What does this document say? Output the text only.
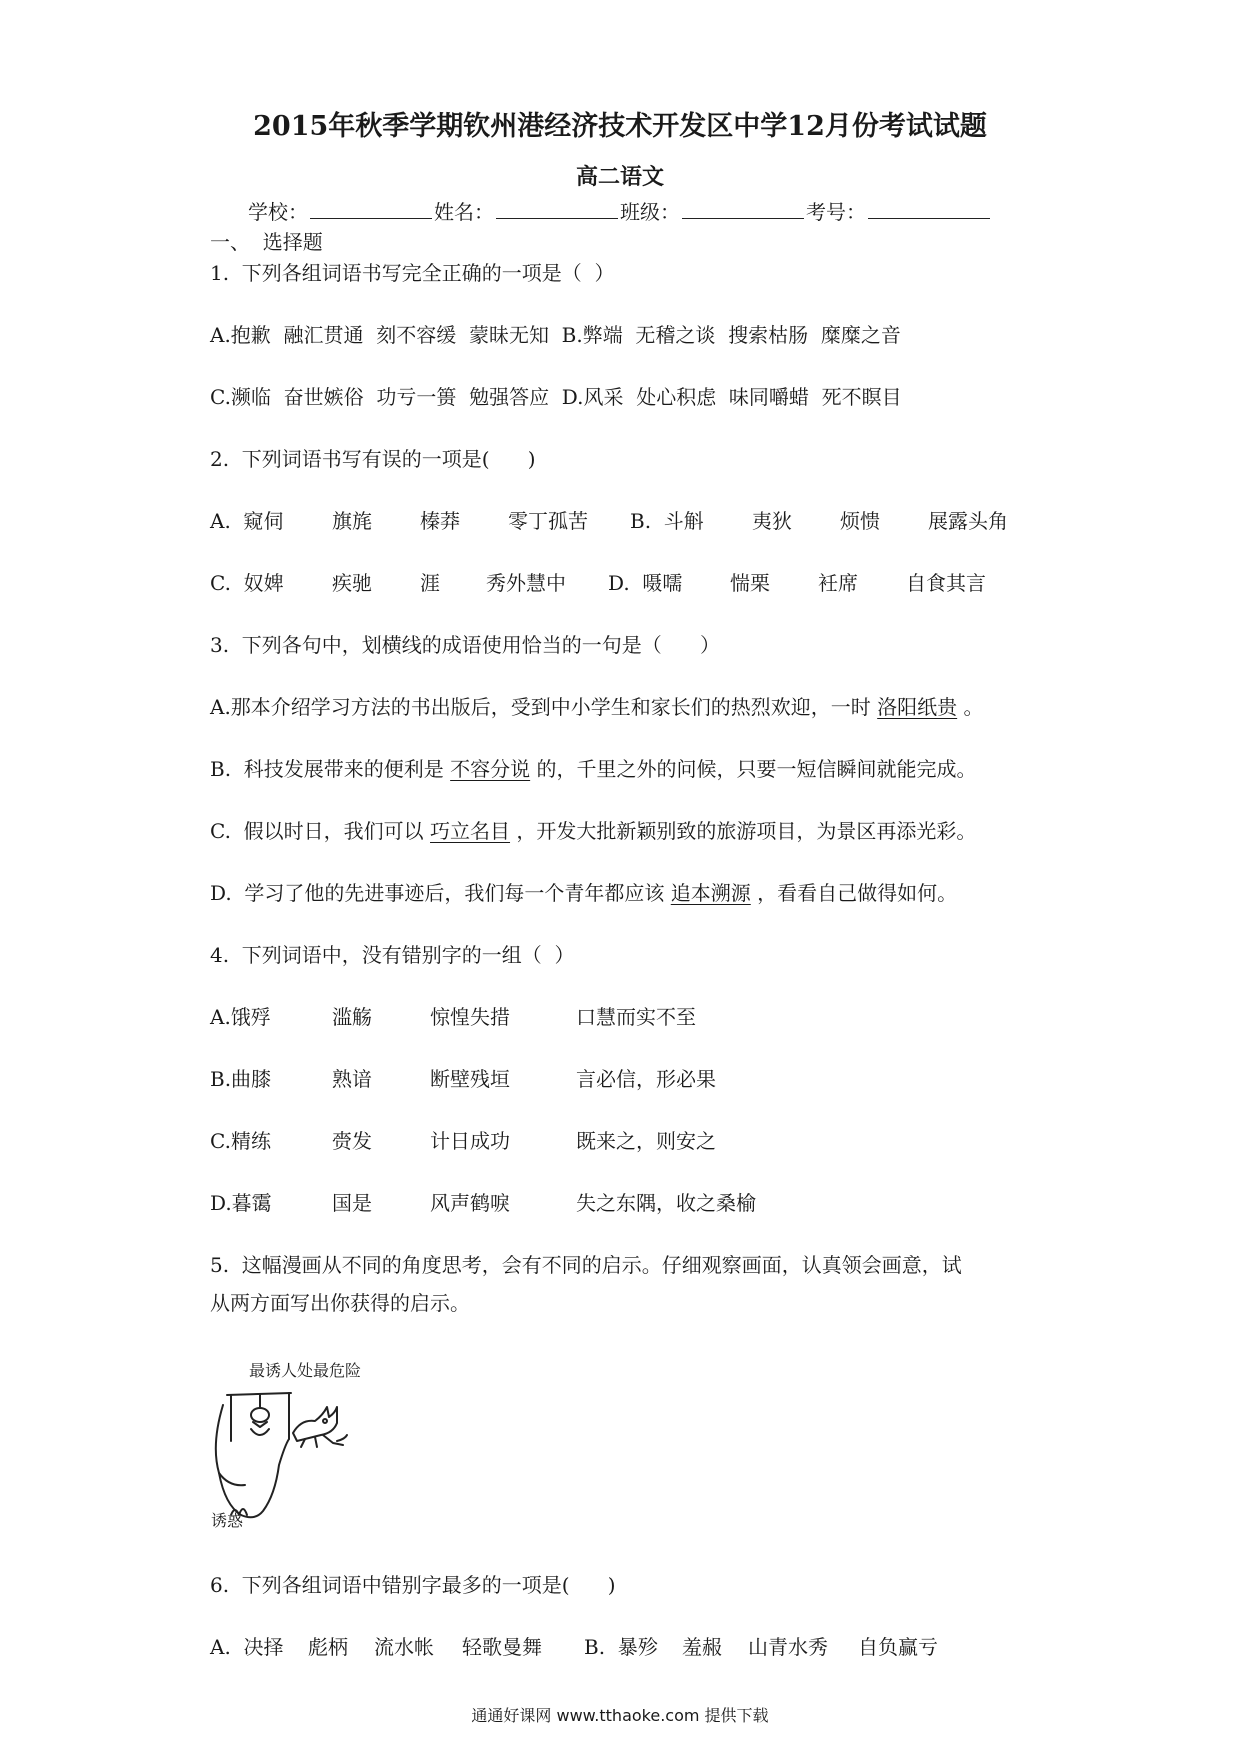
2015年秋季学期钦州港经济技术开发区中学12月份考试试题
高二语文
学校：	姓名：	班级：	考号：
一、  选择题
1.  下列各组词语书写完全正确的一项是（  ）
A.抱歉  融汇贯通  刻不容缓  蒙昧无知  B.弊端  无稽之谈  搜索枯肠  糜糜之音
C.濒临  奋世嫉俗  功亏一篑  勉强答应  D.风采  处心积虑  味同嚼蜡  死不瞑目
2.  下列词语书写有误的一项是(      )
A.  窥伺 旗旄 榛莽 零丁孤苦 B.  斗斛 夷狄 烦愦 展露头角
C.  奴婢 疾驰 涯 秀外慧中 D.  嗫嚅 惴栗 衽席 自食其言
3.  下列各句中，划横线的成语使用恰当的一句是（      ）
A.那本介绍学习方法的书出版后，受到中小学生和家长们的热烈欢迎，一时 洛阳纸贵 。
B.  科技发展带来的便利是 不容分说 的，千里之外的问候，只要一短信瞬间就能完成。
C.  假以时日，我们可以 巧立名目 ，开发大批新颖别致的旅游项目，为景区再添光彩。
D.  学习了他的先进事迹后，我们每一个青年都应该 追本溯源 ，看看自己做得如何。
4.  下列词语中，没有错别字的一组（  ）
A.饿殍	滥觞	惊惶失措	口慧而实不至
B.曲膝	熟谙	断壁残垣	言必信，形必果
C.精练	赍发	计日成功	既来之，则安之
D.暮霭	国是	风声鹤唳	失之东隅，收之桑榆
5.  这幅漫画从不同的角度思考，会有不同的启示。仔细观察画面，认真领会画意，试
从两方面写出你获得的启示。
最诱人处最危险
诱惑
6.  下列各组词语中错别字最多的一项是(      )
A.  决择 彪柄 流水帐 轻歌曼舞 B.  暴殄 羞赧 山青水秀 自负赢亏
通通好课网 www.tthaoke.com 提供下载
